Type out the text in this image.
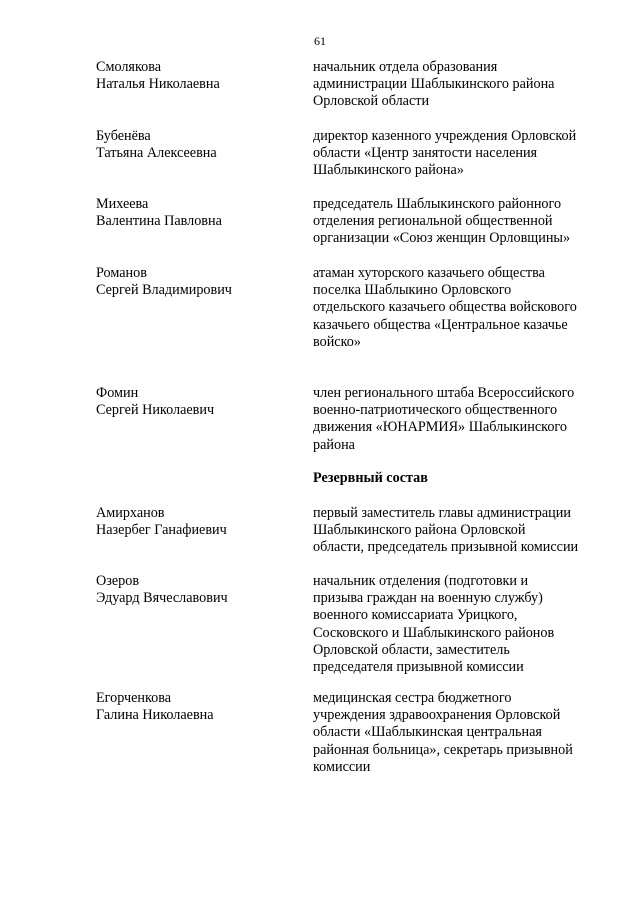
61
Смолякова
Наталья Николаевна
начальник отдела образования
администрации Шаблыкинского района
Орловской области
Бубенёва
Татьяна Алексеевна
директор казенного учреждения Орловской
области «Центр занятости населения
Шаблыкинского района»
Михеева
Валентина Павловна
председатель Шаблыкинского районного
отделения региональной общественной
организации «Союз женщин Орловщины»
Романов
Сергей Владимирович
атаман хуторского казачьего общества
поселка Шаблыкино Орловского
отдельского казачьего общества войскового
казачьего общества «Центральное казачье
войско»
Фомин
Сергей Николаевич
член регионального штаба Всероссийского
военно-патриотического общественного
движения «ЮНАРМИЯ» Шаблыкинского
района
Резервный состав
Амирханов
Назербег Ганафиевич
первый заместитель главы администрации
Шаблыкинского района Орловской
области, председатель призывной комиссии
Озеров
Эдуард Вячеславович
начальник отделения (подготовки и
призыва граждан на военную службу)
военного комиссариата Урицкого,
Сосковского и Шаблыкинского районов
Орловской области, заместитель
председателя призывной комиссии
Егорченкова
Галина Николаевна
медицинская сестра бюджетного
учреждения здравоохранения Орловской
области «Шаблыкинская центральная
районная больница», секретарь призывной
комиссии
